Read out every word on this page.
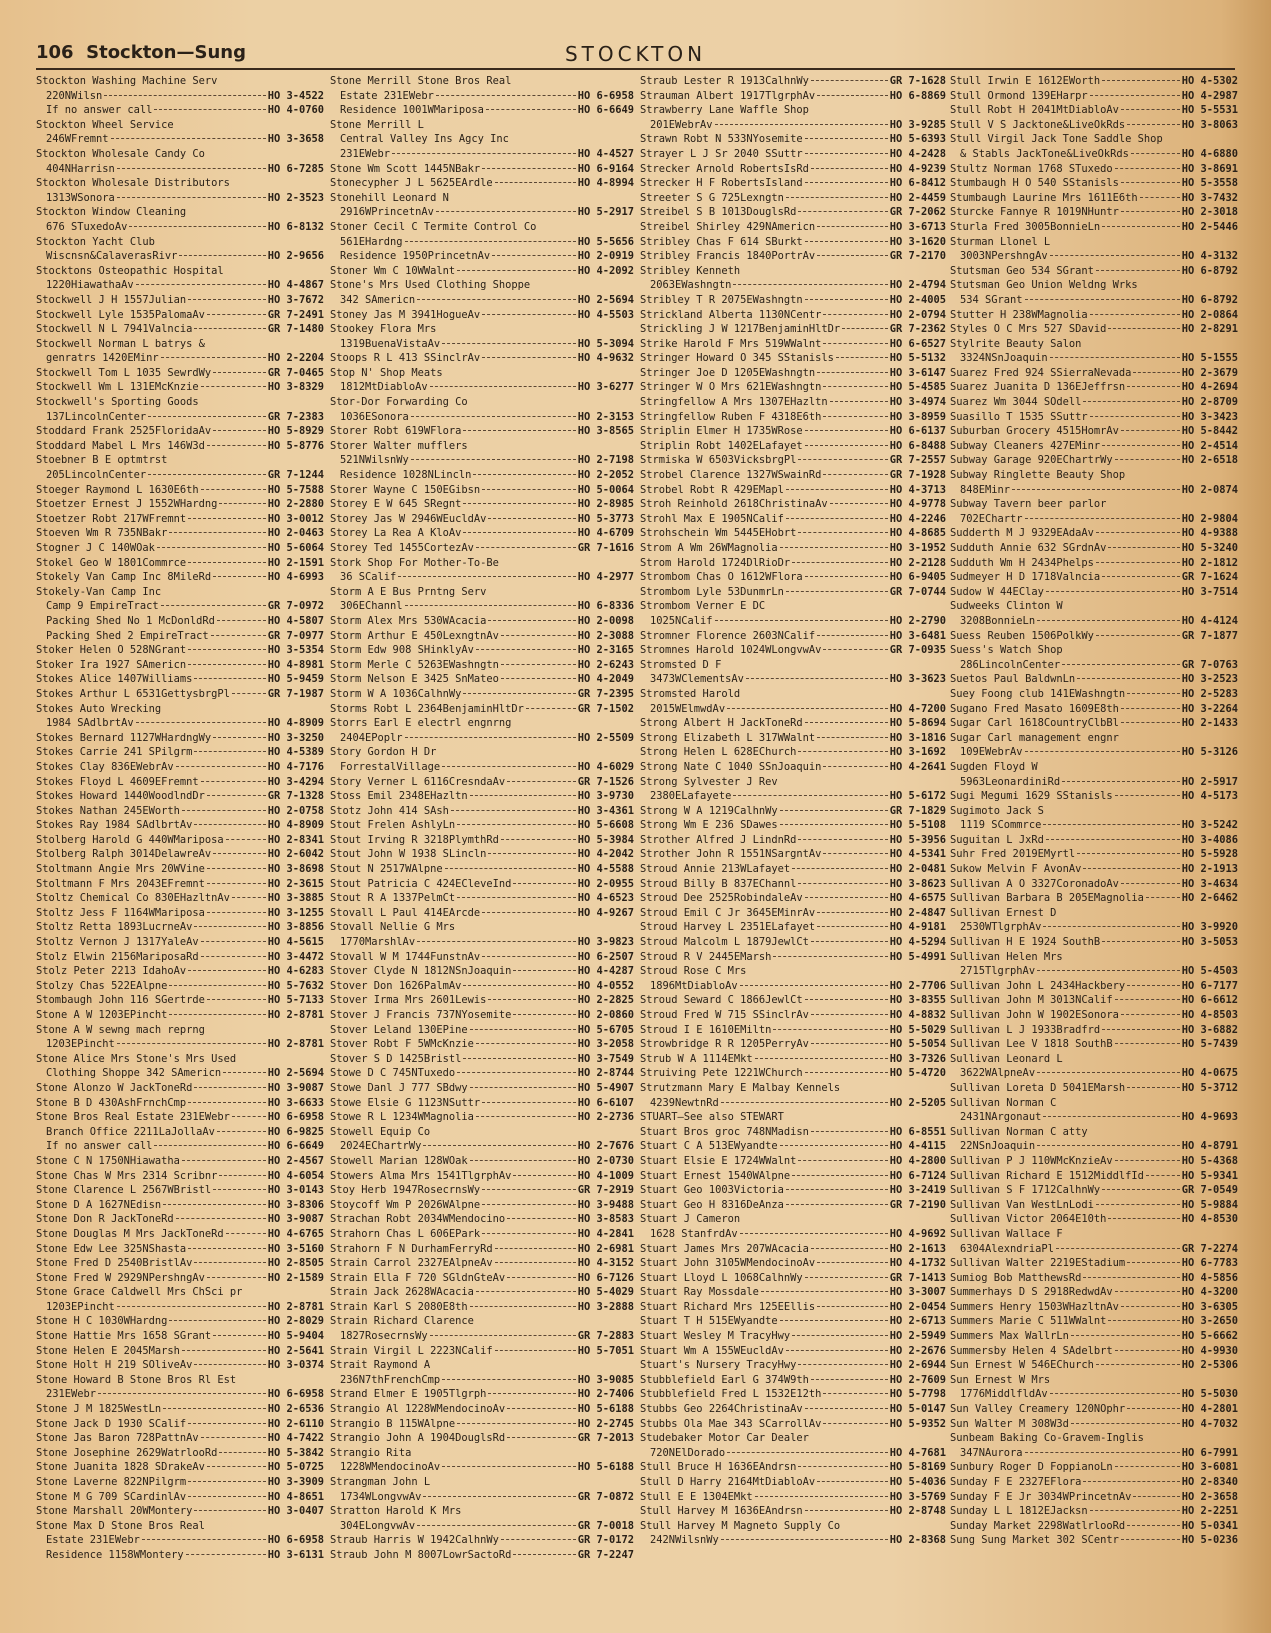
106 Stockton—Sung	STOCKTON
Stockton Washing Machine Serv
220NWilsn	HO 3-4522
If no answer call	HO 4-0760
Stockton Wheel Service
246WFremnt	HO 3-3658
Stockton Wholesale Candy Co
404NHarrisn	HO 6-7285
Stockton Wholesale Distributors
1313WSonora	HO 2-3523
Stockton Window Cleaning
676 STuxedoAv	HO 6-8132
Stockton Yacht Club
Wiscnsn&CalaverasRivr	HO 2-9656
Stocktons Osteopathic Hospital
1220HiawathaAv	HO 4-4867
Stockwell J H 1557Julian	HO 3-7672
Stockwell Lyle 1535PalomaAv	GR 7-2491
Stockwell N L 7941Valncia	GR 7-1480
Stockwell Norman L batrys &
genratrs 1420EMinr	HO 2-2204
Stockwell Tom L 1035 SewrdWy	GR 7-0465
Stockwell Wm L 131EMcKnzie	HO 3-8329
Stockwell's Sporting Goods
137LincolnCenter	GR 7-2383
Stoddard Frank 2525FloridaAv	HO 5-8929
Stoddard Mabel L Mrs 146W3d	HO 5-8776
Stoebner B E optmtrst
205LincolnCenter	GR 7-1244
Stoeger Raymond L 1630E6th	HO 5-7588
Stoetzer Ernest J 1552WHardng	HO 2-2880
Stoetzer Robt 217WFremnt	HO 3-0012
Stoeven Wm R 735NBakr	HO 2-0463
Stogner J C 140WOak	HO 5-6064
Stokel Geo W 1801Commrce	HO 2-1591
Stokely Van Camp Inc 8MileRd	HO 4-6993
Stokely-Van Camp Inc
Camp 9 EmpireTract	GR 7-0972
Packing Shed No 1 McDonldRd	HO 4-5807
Packing Shed 2 EmpireTract	GR 7-0977
Stoker Helen O 528NGrant	HO 3-5354
Stoker Ira 1927 SAmericn	HO 4-8981
Stokes Alice 1407Williams	HO 5-9459
Stokes Arthur L 6531GettysbrgPl	GR 7-1987
Stokes Auto Wrecking
1984 SAdlbrtAv	HO 4-8909
Stokes Bernard 1127WHardngWy	HO 3-3250
Stokes Carrie 241 SPilgrm	HO 4-5389
Stokes Clay 836EWebrAv	HO 4-7176
Stokes Floyd L 4609EFremnt	HO 3-4294
Stokes Howard 1440WoodlndDr	GR 7-1328
Stokes Nathan 245EWorth	HO 2-0758
Stokes Ray 1984 SAdlbrtAv	HO 4-8909
Stolberg Harold G 440WMariposa	HO 2-8341
Stolberg Ralph 3014DelawreAv	HO 2-6042
Stoltmann Angie Mrs 20WVine	HO 3-8698
Stoltmann F Mrs 2043EFremnt	HO 2-3615
Stoltz Chemical Co 830EHazltnAv	HO 3-3885
Stoltz Jess F 1164WMariposa	HO 3-1255
Stoltz Retta 1893LucrneAv	HO 3-8856
Stoltz Vernon J 1317YaleAv	HO 4-5615
Stolz Elwin 2156MariposaRd	HO 3-4472
Stolz Peter 2213 IdahoAv	HO 4-6283
Stolzy Chas 522EAlpne	HO 5-7632
Stombaugh John 116 SGertrde	HO 5-7133
Stone A W 1203EPincht	HO 2-8781
Stone A W sewng mach reprng
1203EPincht	HO 2-8781
Stone Alice Mrs Stone's Mrs Used
Clothing Shoppe 342 SAmericn	HO 2-5694
Stone Alonzo W JackToneRd	HO 3-9087
Stone B D 430AshFrnchCmp	HO 3-6633
Stone Bros Real Estate 231EWebr	HO 6-6958
Branch Office 2211LaJollaAv	HO 6-9825
If no answer call	HO 6-6649
Stone C N 1750NHiawatha	HO 2-4567
Stone Chas W Mrs 2314 Scribnr	HO 4-6054
Stone Clarence L 2567WBristl	HO 3-0143
Stone D A 1627NEdisn	HO 3-8306
Stone Don R JackToneRd	HO 3-9087
Stone Douglas M Mrs JackToneRd	HO 4-6765
Stone Edw Lee 325NShasta	HO 3-5160
Stone Fred D 2540BristlAv	HO 2-8505
Stone Fred W 2929NPershngAv	HO 2-1589
Stone Grace Caldwell Mrs ChSci pr
1203EPincht	HO 2-8781
Stone H C 1030WHardng	HO 2-8029
Stone Hattie Mrs 1658 SGrant	HO 5-9404
Stone Helen E 2045Marsh	HO 2-5641
Stone Holt H 219 SOliveAv	HO 3-0374
Stone Howard B Stone Bros Rl Est
231EWebr	HO 6-6958
Stone J M 1825WestLn	HO 2-6536
Stone Jack D 1930 SCalif	HO 2-6110
Stone Jas Baron 728PattnAv	HO 4-7422
Stone Josephine 2629WatrlooRd	HO 5-3842
Stone Juanita 1828 SDrakeAv	HO 5-0725
Stone Laverne 822NPilgrm	HO 3-3909
Stone M G 709 SCardinlAv	HO 4-8651
Stone Marshall 20WMontery	HO 3-0407
Stone Max D Stone Bros Real
Estate 231EWebr	HO 6-6958
Residence 1158WMontery	HO 3-6131
Stone Merrill Stone Bros Real
Estate 231EWebr	HO 6-6958
Residence 1001WMariposa	HO 6-6649
Stone Merrill L
Central Valley Ins Agcy Inc
231EWebr	HO 4-4527
Stone Wm Scott 1445NBakr	HO 6-9164
Stonecypher J L 5625EArdle	HO 4-8994
Stonehill Leonard N
2916WPrincetnAv	HO 5-2917
Stoner Cecil C Termite Control Co
561EHardng	HO 5-5656
Residence 1950PrincetnAv	HO 2-0919
Stoner Wm C 10WWalnt	HO 4-2092
Stone's Mrs Used Clothing Shoppe
342 SAmericn	HO 2-5694
Stoney Jas M 3941HogueAv	HO 4-5503
Stookey Flora Mrs
1319BuenaVistaAv	HO 5-3094
Stoops R L 413 SSinclrAv	HO 4-9632
Stop N' Shop Meats
1812MtDiabloAv	HO 3-6277
Stor-Dor Forwarding Co
1036ESonora	HO 2-3153
Storer Robt 619WFlora	HO 3-8565
Storer Walter mufflers
521NWilsnWy	HO 2-7198
Residence 1028NLincln	HO 2-2052
Storer Wayne C 150EGibsn	HO 5-0064
Storey E W 645 SRegnt	HO 2-8985
Storey Jas W 2946WEucldAv	HO 5-3773
Storey La Rea A KloAv	HO 4-6709
Storey Ted 1455CortezAv	GR 7-1616
Stork Shop For Mother-To-Be
36 SCalif	HO 4-2977
Storm A E Bus Prntng Serv
306EChannl	HO 6-8336
Storm Alex Mrs 530WAcacia	HO 2-0098
Storm Arthur E 450LexngtnAv	HO 2-3088
Storm Edw 908 SHinklyAv	HO 2-3165
Storm Merle C 5263EWashngtn	HO 2-6243
Storm Nelson E 3425 SnMateo	HO 4-2049
Storm W A 1036CalhnWy	GR 7-2395
Storms Robt L 2364BenjaminHltDr	GR 7-1502
Storrs Earl E electrl engnrng
2404EPoplr	HO 2-5509
Story Gordon H Dr
ForrestalVillage	HO 4-6029
Story Verner L 6116CresndaAv	GR 7-1526
Stoss Emil 2348EHazltn	HO 3-9730
Stotz John 414 SAsh	HO 3-4361
Stout Frelen AshlyLn	HO 5-6608
Stout Irving R 3218PlymthRd	HO 5-3984
Stout John W 1938 SLincln	HO 4-2042
Stout N 2517WAlpne	HO 4-5588
Stout Patricia C 424ECleveInd	HO 2-0955
Stout R A 1337PelmCt	HO 4-6523
Stovall L Paul 414EArcde	HO 4-9267
Stovall Nellie G Mrs
1770MarshlAv	HO 3-9823
Stovall W M 1744FunstnAv	HO 6-2507
Stover Clyde N 1812NSnJoaquin	HO 4-4287
Stover Don 1626PalmAv	HO 4-0552
Stover Irma Mrs 2601Lewis	HO 2-2825
Stover J Francis 737NYosemite	HO 2-0860
Stover Leland 130EPine	HO 5-6705
Stover Robt F 5WMcKnzie	HO 3-2058
Stover S D 1425Bristl	HO 3-7549
Stowe D C 745NTuxedo	HO 2-8744
Stowe Danl J 777 SBdwy	HO 5-4907
Stowe Elsie G 1123NSuttr	HO 6-6107
Stowe R L 1234WMagnolia	HO 2-2736
Stowell Equip Co
2024EChartrWy	HO 2-7676
Stowell Marian 128WOak	HO 2-0730
Stowers Alma Mrs 1541TlgrphAv	HO 4-1009
Stoy Herb 1947RosecrnsWy	GR 7-2919
Stoycoff Wm P 2026WAlpne	HO 3-9488
Strachan Robt 2034WMendocino	HO 3-8583
Strahorn Chas L 606EPark	HO 4-2841
Strahorn F N DurhamFerryRd	HO 2-6981
Strain Carrol 2327EAlpneAv	HO 4-3152
Strain Ella F 720 SGldnGteAv	HO 6-7126
Strain Jack 2628WAcacia	HO 5-4029
Strain Karl S 2080E8th	HO 3-2888
Strain Richard Clarence
1827RosecrnsWy	GR 7-2883
Strain Virgil L 2223NCalif	HO 5-7051
Strait Raymond A
236N7thFrenchCmp	HO 3-9085
Strand Elmer E 1905Tlgrph	HO 2-7406
Strangio Al 1228WMendocinoAv	HO 5-6188
Strangio B 115WAlpne	HO 2-2745
Strangio John A 1904DouglsRd	GR 7-2013
Strangio Rita
1228WMendocinoAv	HO 5-6188
Strangman John L
1734WLongvwAv	GR 7-0872
Stratton Harold K Mrs
304ELongvwAv	GR 7-0018
Straub Harris W 1942CalhnWy	GR 7-0172
Straub John M 8007LowrSactoRd	GR 7-2247
Straub Lester R 1913CalhnWy	GR 7-1628
Strauman Albert 1917TlgrphAv	HO 6-8869
Strawberry Lane Waffle Shop
201EWebrAv	HO 3-9285
Strawn Robt N 533NYosemite	HO 5-6393
Strayer L J Sr 2040 SSuttr	HO 4-2428
Strecker Arnold RobertsIsRd	HO 4-9239
Strecker H F RobertsIsland	HO 6-8412
Streeter S G 725Lexngtn	HO 2-4459
Streibel S B 1013DouglsRd	GR 7-2062
Streibel Shirley 429NAmericn	HO 3-6713
Stribley Chas F 614 SBurkt	HO 3-1620
Stribley Francis 1840PortrAv	GR 7-2170
Stribley Kenneth
2063EWashngtn	HO 2-4794
Stribley T R 2075EWashngtn	HO 2-4005
Strickland Alberta 1130NCentr	HO 2-0794
Strickling J W 1217BenjaminHltDr	GR 7-2362
Strike Harold F Mrs 519WWalnt	HO 6-6527
Stringer Howard O 345 SStanisls	HO 5-5132
Stringer Joe D 1205EWashngtn	HO 3-6147
Stringer W O Mrs 621EWashngtn	HO 5-4585
Stringfellow A Mrs 1307EHazltn	HO 3-4974
Stringfellow Ruben F 4318E6th	HO 3-8959
Striplin Elmer H 1735WRose	HO 6-6137
Striplin Robt 1402ELafayet	HO 6-8488
Strmiska W 6503VicksbrgPl	GR 7-2557
Strobel Clarence 1327WSwainRd	GR 7-1928
Strobel Robt R 429EMapl	HO 4-3713
Stroh Reinhold 2618ChristinaAv	HO 4-9778
Strohl Max E 1905NCalif	HO 4-2246
Strohschein Wm 5445EHobrt	HO 4-8685
Strom A Wm 26WMagnolia	HO 3-1952
Strom Harold 1724DlRioDr	HO 2-2128
Strombom Chas O 1612WFlora	HO 6-9405
Strombom Lyle 53DunmrLn	GR 7-0744
Strombom Verner E DC
1025NCalif	HO 2-2790
Stromner Florence 2603NCalif	HO 3-6481
Stromnes Harold 1024WLongvwAv	GR 7-0935
Stromsted D F
3473WClementsAv	HO 3-3623
Stromsted Harold
2015WElmwdAv	HO 4-7200
Strong Albert H JackToneRd	HO 5-8694
Strong Elizabeth L 317WWalnt	HO 3-1816
Strong Helen L 628EChurch	HO 3-1692
Strong Nate C 1040 SSnJoaquin	HO 4-2641
Strong Sylvester J Rev
2380ELafayete	HO 5-6172
Strong W A 1219CalhnWy	GR 7-1829
Strong Wm E 236 SDawes	HO 5-5108
Strother Alfred J LindnRd	HO 5-3956
Strother John R 1551NSargntAv	HO 4-5341
Stroud Annie 213WLafayet	HO 2-0481
Stroud Billy B 837EChannl	HO 3-8623
Stroud Dee 2525RobindaleAv	HO 4-6575
Stroud Emil C Jr 3645EMinrAv	HO 2-4847
Stroud Harvey L 2351ELafayet	HO 4-9181
Stroud Malcolm L 1879JewlCt	HO 4-5294
Stroud R V 2445EMarsh	HO 5-4991
Stroud Rose C Mrs
1896MtDiabloAv	HO 2-7706
Stroud Seward C 1866JewlCt	HO 3-8355
Stroud Fred W 715 SSinclrAv	HO 4-8832
Stroud I E 1610EMiltn	HO 5-5029
Strowbridge R R 1205PerryAv	HO 5-5054
Strub W A 1114EMkt	HO 3-7326
Struiving Pete 1221WChurch	HO 5-4720
Strutzmann Mary E Malbay Kennels
4239NewtnRd	HO 2-5205
STUART—See also STEWART
Stuart Bros groc 748NMadisn	HO 6-8551
Stuart C A 513EWyandte	HO 4-4115
Stuart Elsie E 1724WWalnt	HO 4-2800
Stuart Ernest 1540WAlpne	HO 6-7124
Stuart Geo 1003Victoria	HO 3-2419
Stuart Geo H 8316DeAnza	GR 7-2190
Stuart J Cameron
1628 StanfrdAv	HO 4-9692
Stuart James Mrs 207WAcacia	HO 2-1613
Stuart John 3105WMendocinoAv	HO 4-1732
Stuart Lloyd L 1068CalhnWy	GR 7-1413
Stuart Ray Mossdale	HO 3-3007
Stuart Richard Mrs 125EEllis	HO 2-0454
Stuart T H 515EWyandte	HO 2-6713
Stuart Wesley M TracyHwy	HO 2-5949
Stuart Wm A 155WEucldAv	HO 2-2676
Stuart's Nursery TracyHwy	HO 2-6944
Stubblefield Earl G 374W9th	HO 2-7609
Stubblefield Fred L 1532E12th	HO 5-7798
Stubbs Geo 2264ChristinaAv	HO 5-0147
Stubbs Ola Mae 343 SCarrollAv	HO 5-9352
Studebaker Motor Car Dealer
720NElDorado	HO 4-7681
Stull Bruce H 1636EAndrsn	HO 5-8169
Stull D Harry 2164MtDiabloAv	HO 5-4036
Stull E E 1304EMkt	HO 3-5769
Stull Harvey M 1636EAndrsn	HO 2-8748
Stull Harvey M Magneto Supply Co
242NWilsnWy	HO 2-8368
Stull Irwin E 1612EWorth	HO 4-5302
Stull Ormond 139EHarpr	HO 4-2987
Stull Robt H 2041MtDiabloAv	HO 5-5531
Stull V S Jacktone&LiveOkRds	HO 3-8063
Stull Virgil Jack Tone Saddle Shop
& Stabls JackTone&LiveOkRds	HO 4-6880
Stultz Norman 1768 STuxedo	HO 3-8691
Stumbaugh H O 540 SStanisls	HO 5-3558
Stumbaugh Laurine Mrs 1611E6th	HO 3-7432
Sturcke Fannye R 1019NHuntr	HO 2-3018
Sturla Fred 3005BonnieLn	HO 2-5446
Sturman Llonel L
3003NPershngAv	HO 4-3132
Stutsman Geo 534 SGrant	HO 6-8792
Stutsman Geo Union Weldng Wrks
534 SGrant	HO 6-8792
Stutter H 238WMagnolia	HO 2-0864
Styles O C Mrs 527 SDavid	HO 2-8291
Stylrite Beauty Salon
3324NSnJoaquin	HO 5-1555
Suarez Fred 924 SSierraNevada	HO 2-3679
Suarez Juanita D 136EJeffrsn	HO 4-2694
Suarez Wm 3044 SOdell	HO 2-8709
Suasillo T 1535 SSuttr	HO 3-3423
Suburban Grocery 4515HomrAv	HO 5-8442
Subway Cleaners 427EMinr	HO 2-4514
Subway Garage 920EChartrWy	HO 2-6518
Subway Ringlette Beauty Shop
848EMinr	HO 2-0874
Subway Tavern beer parlor
702EChartr	HO 2-9804
Sudderth M J 9329EAdaAv	HO 4-9388
Sudduth Annie 632 SGrdnAv	HO 5-3240
Sudduth Wm H 2434Phelps	HO 2-1812
Sudmeyer H D 1718Valncia	GR 7-1624
Sudow W 44EClay	HO 3-7514
Sudweeks Clinton W
3208BonnieLn	HO 4-4124
Suess Reuben 1506PolkWy	GR 7-1877
Suess's Watch Shop
286LincolnCenter	GR 7-0763
Suetos Paul BaldwnLn	HO 3-2523
Suey Foong club 141EWashngtn	HO 2-5283
Sugano Fred Masato 1609E8th	HO 3-2264
Sugar Carl 1618CountryClbBl	HO 2-1433
Sugar Carl management engnr
109EWebrAv	HO 5-3126
Sugden Floyd W
5963LeonardiniRd	HO 2-5917
Sugi Megumi 1629 SStanisls	HO 4-5173
Sugimoto Jack S
1119 SCommrce	HO 3-5242
Suguitan L JxRd	HO 3-4086
Suhr Fred 2019EMyrtl	HO 5-5928
Sukow Melvin F AvonAv	HO 2-1913
Sullivan A O 3327CoronadoAv	HO 3-4634
Sullivan Barbara B 205EMagnolia	HO 2-6462
Sullivan Ernest D
2530WTlgrphAv	HO 3-9920
Sullivan H E 1924 SouthB	HO 3-5053
Sullivan Helen Mrs
2715TlgrphAv	HO 5-4503
Sullivan John L 2434Hackbery	HO 6-7177
Sullivan John M 3013NCalif	HO 6-6612
Sullivan John W 1902ESonora	HO 4-8503
Sullivan L J 1933Bradfrd	HO 3-6882
Sullivan Lee V 1818 SouthB	HO 5-7439
Sullivan Leonard L
3622WAlpneAv	HO 4-0675
Sullivan Loreta D 5041EMarsh	HO 5-3712
Sullivan Norman C
2431NArgonaut	HO 4-9693
Sullivan Norman C atty
22NSnJoaquin	HO 4-8791
Sullivan P J 110WMcKnzieAv	HO 5-4368
Sullivan Richard E 1512MiddlfId	HO 5-9341
Sullivan S F 1712CalhnWy	GR 7-0549
Sullivan Van WestLnLodi	HO 5-9884
Sullivan Victor 2064E10th	HO 4-8530
Sullivan Wallace F
6304AlexndriaPl	GR 7-2274
Sullivan Walter 2219EStadium	HO 6-7783
Sumiog Bob MatthewsRd	HO 4-5856
Summerhays D S 2918RedwdAv	HO 4-3200
Summers Henry 1503WHazltnAv	HO 3-6305
Summers Marie C 511WWalnt	HO 3-2650
Summers Max WallrLn	HO 5-6662
Summersby Helen 4 SAdelbrt	HO 4-9930
Sun Ernest W 546EChurch	HO 2-5306
Sun Ernest W Mrs
1776MiddlfldAv	HO 5-5030
Sun Valley Creamery 120NOphr	HO 4-2801
Sun Walter M 308W3d	HO 4-7032
Sunbeam Baking Co-Gravem-Inglis
347NAurora	HO 6-7991
Sunbury Roger D FoppianoLn	HO 3-6081
Sunday F E 2327EFlora	HO 2-8340
Sunday F E Jr 3034WPrincetnAv	HO 2-3658
Sunday L L 1812EJacksn	HO 2-2251
Sunday Market 2298WatlrlooRd	HO 5-0341
Sung Sung Market 302 SCentr	HO 5-0236
